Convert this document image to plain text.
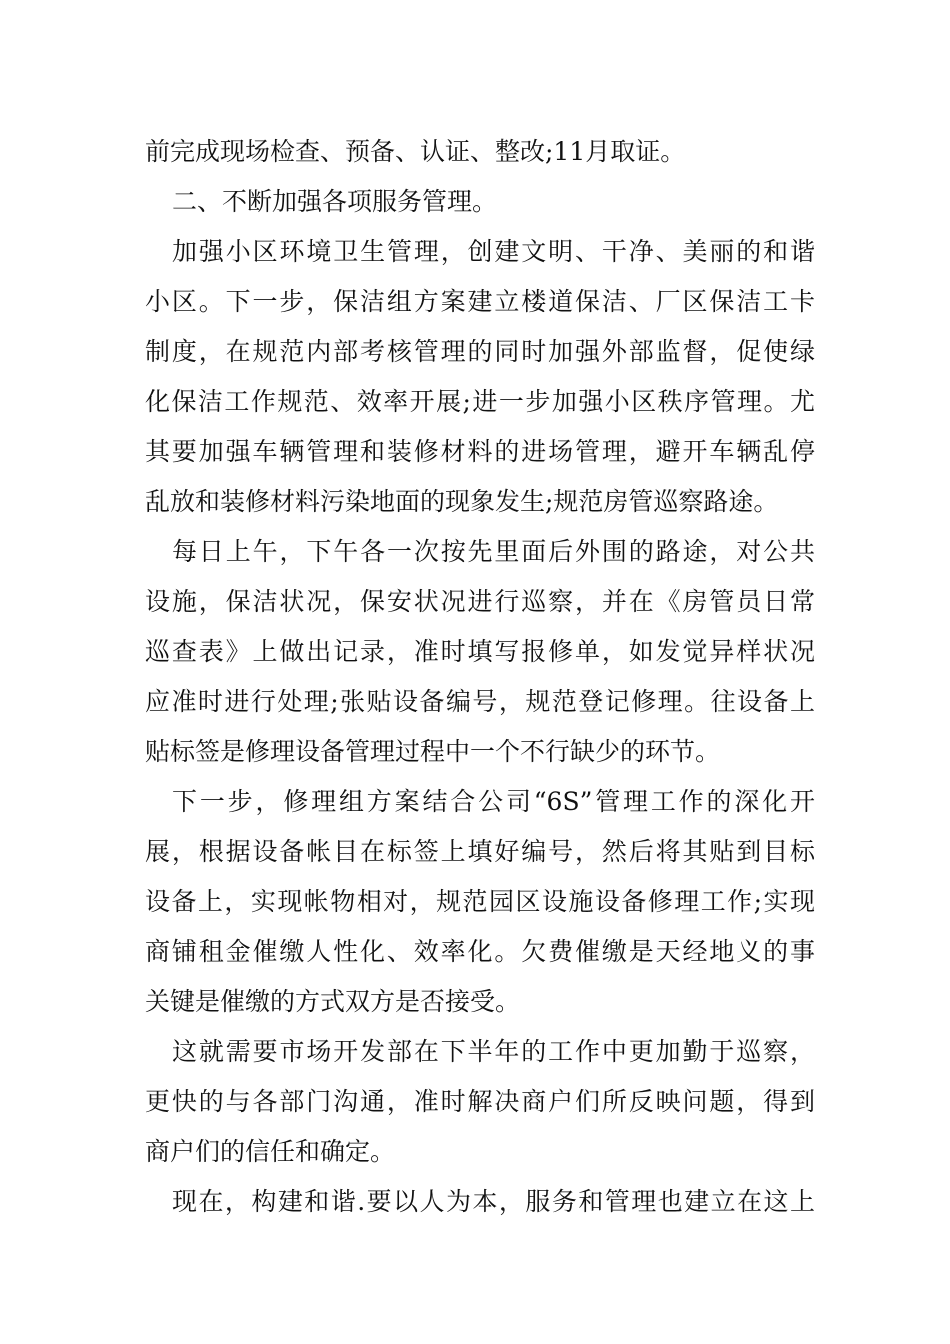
前完成现场检查、预备、认证、整改;11月取证。
二、不断加强各项服务管理。
加强小区环境卫生管理，创建文明、干净、美丽的和谐
小区。下一步，保洁组方案建立楼道保洁、厂区保洁工卡
制度，在规范内部考核管理的同时加强外部监督，促使绿
化保洁工作规范、效率开展;进一步加强小区秩序管理。尤
其要加强车辆管理和装修材料的进场管理，避开车辆乱停
乱放和装修材料污染地面的现象发生;规范房管巡察路途。
每日上午，下午各一次按先里面后外围的路途，对公共
设施，保洁状况，保安状况进行巡察，并在《房管员日常
巡查表》上做出记录，准时填写报修单，如发觉异样状况
应准时进行处理;张贴设备编号，规范登记修理。往设备上
贴标签是修理设备管理过程中一个不行缺少的环节。
下一步，修理组方案结合公司“6S”管理工作的深化开
展，根据设备帐目在标签上填好编号，然后将其贴到目标
设备上，实现帐物相对，规范园区设施设备修理工作;实现
商铺租金催缴人性化、效率化。欠费催缴是天经地义的事
关键是催缴的方式双方是否接受。
这就需要市场开发部在下半年的工作中更加勤于巡察，
更快的与各部门沟通，准时解决商户们所反映问题，得到
商户们的信任和确定。
现在，构建和谐.要以人为本，服务和管理也建立在这上
